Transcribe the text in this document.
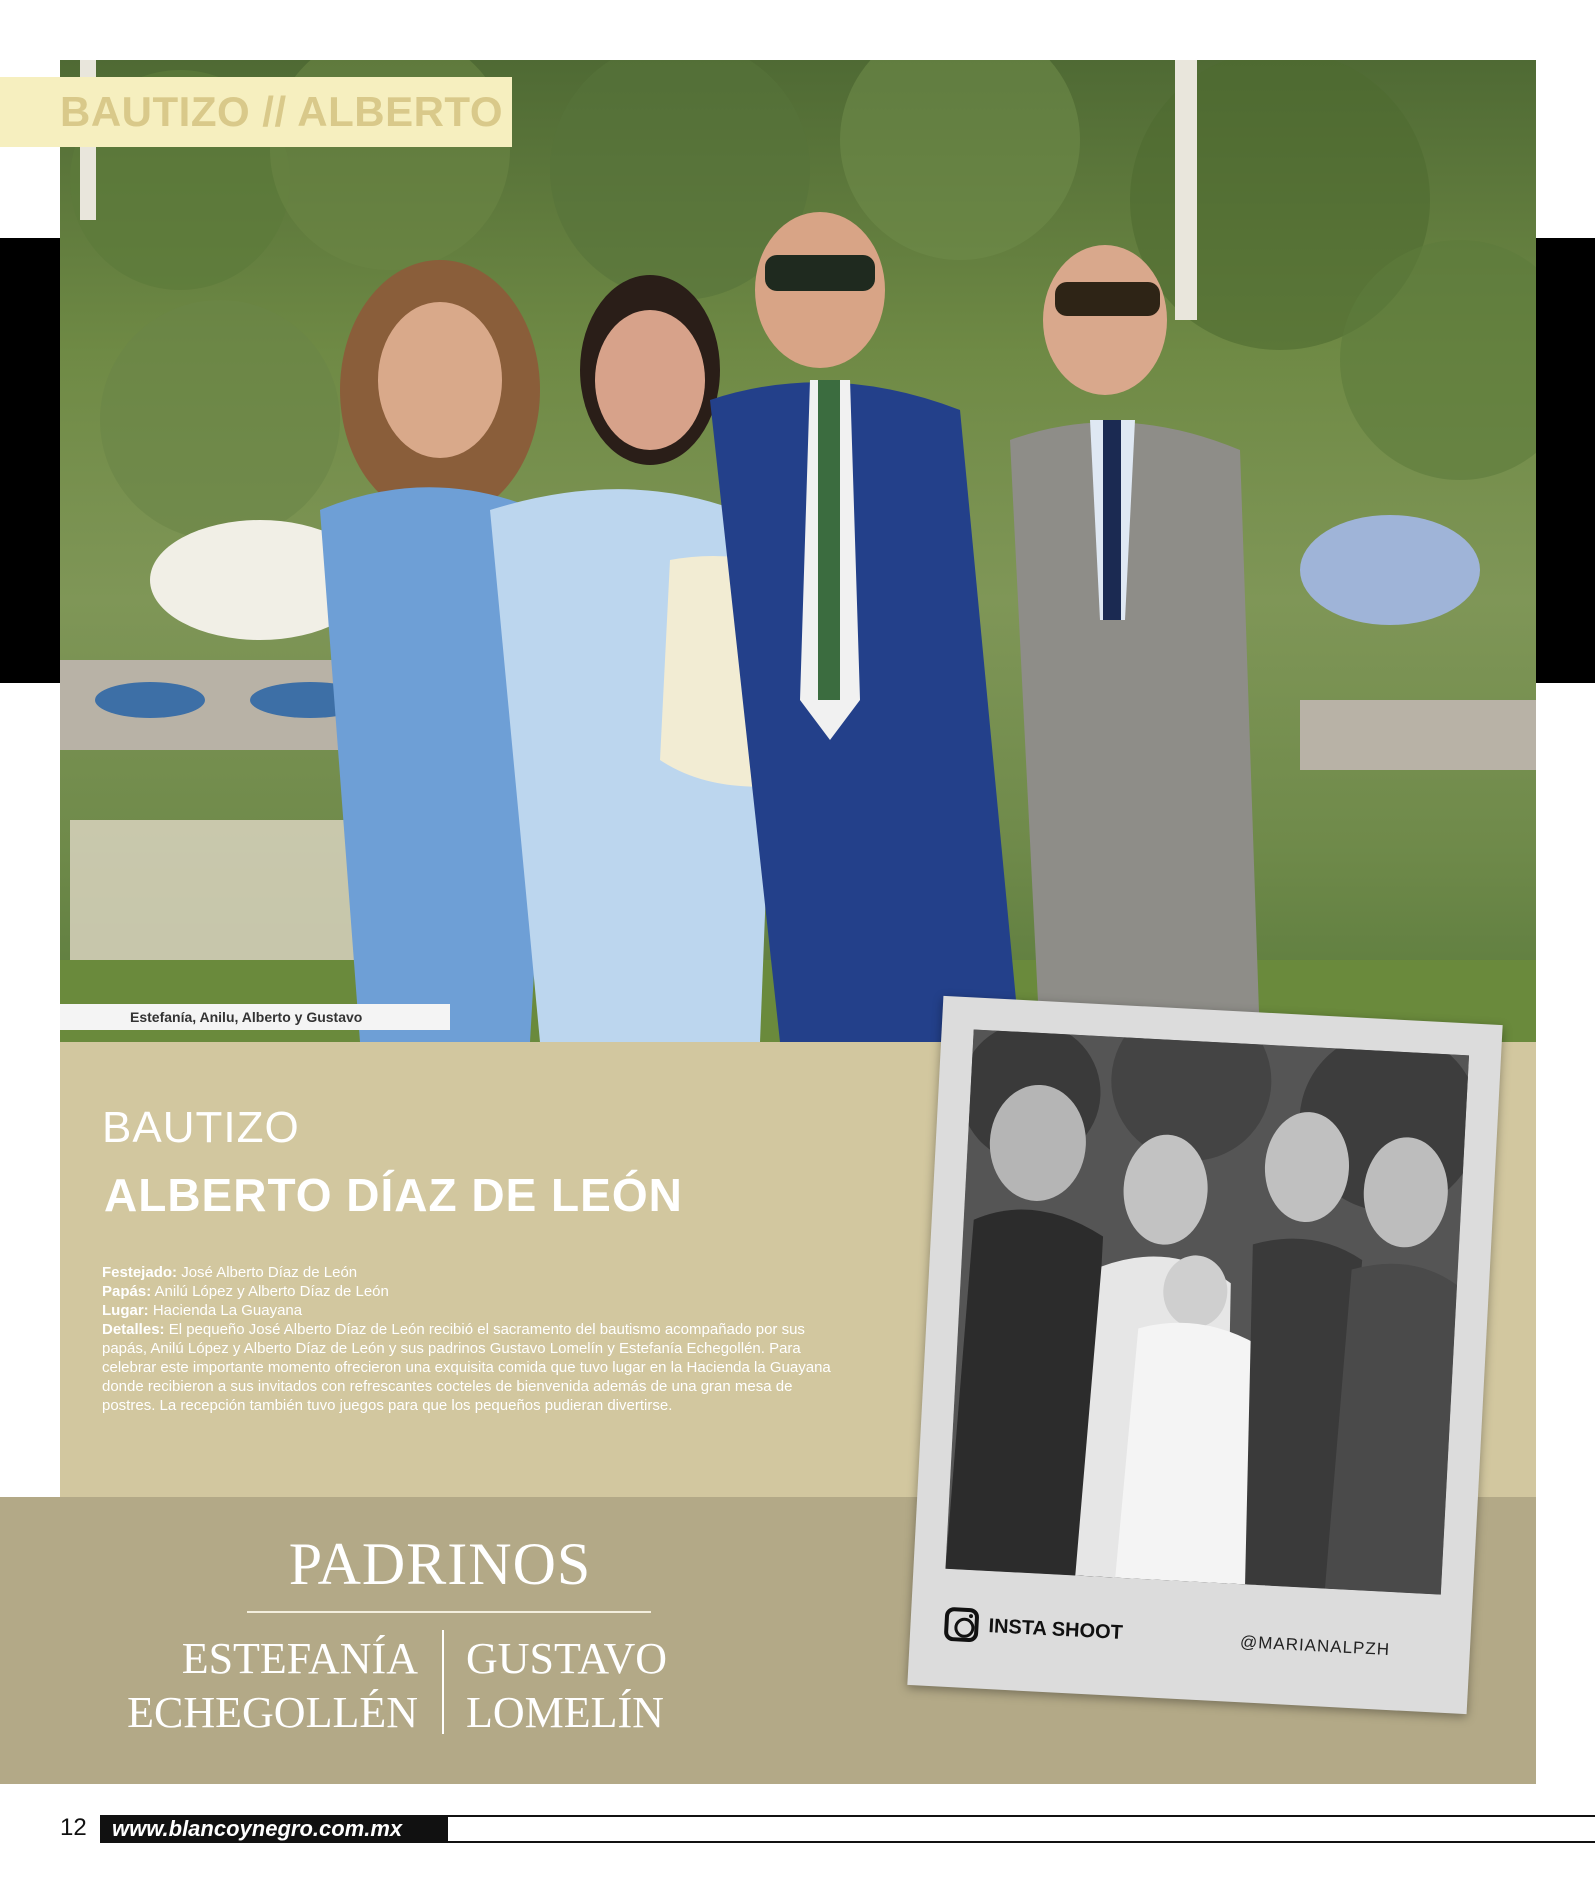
BAUTIZO // ALBERTO
Estefanía, Anilu, Alberto y Gustavo
BAUTIZO
ALBERTO DÍAZ DE LEÓN
Festejado: José Alberto Díaz de León
Papás: Anilú López y Alberto Díaz de León
Lugar: Hacienda La Guayana
Detalles: El pequeño José Alberto Díaz de León recibió el sacramento del bautismo acompañado por sus papás, Anilú López y Alberto Díaz de León y sus padrinos Gustavo Lomelín y Estefanía Echegollén. Para celebrar este importante momento ofrecieron una exquisita comida que tuvo lugar en la Hacienda la Guayana donde recibieron a sus invitados con refrescantes cocteles de bienvenida además de una gran mesa de postres. La recepción también tuvo juegos para que los pequeños pudieran divertirse.
PADRINOS
ESTEFANÍA
ECHEGOLLÉN
GUSTAVO
LOMELÍN
INSTA SHOOT
@MARIANALPZH
12	www.blancoynegro.com.mx
